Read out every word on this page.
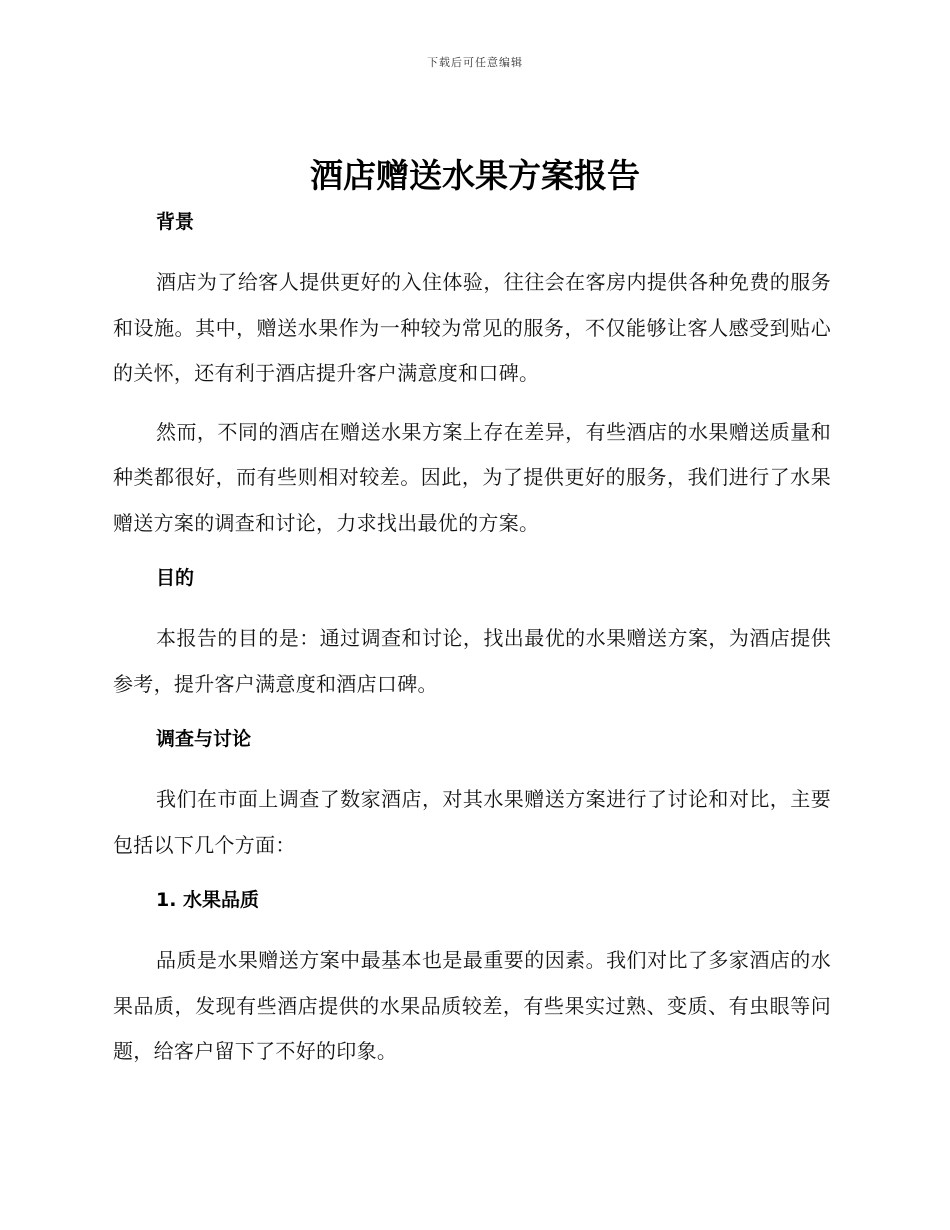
下载后可任意编辑
酒店赠送水果方案报告
背景

酒店为了给客人提供更好的入住体验，往往会在客房内提供各种免费的服务和设施。其中，赠送水果作为一种较为常见的服务，不仅能够让客人感受到贴心的关怀，还有利于酒店提升客户满意度和口碑。

然而，不同的酒店在赠送水果方案上存在差异，有些酒店的水果赠送质量和种类都很好，而有些则相对较差。因此，为了提供更好的服务，我们进行了水果赠送方案的调查和讨论，力求找出最优的方案。

目的

本报告的目的是：通过调查和讨论，找出最优的水果赠送方案，为酒店提供参考，提升客户满意度和酒店口碑。

调查与讨论

我们在市面上调查了数家酒店，对其水果赠送方案进行了讨论和对比，主要包括以下几个方面：

1. 水果品质

品质是水果赠送方案中最基本也是最重要的因素。我们对比了多家酒店的水果品质，发现有些酒店提供的水果品质较差，有些果实过熟、变质、有虫眼等问题，给客户留下了不好的印象。
